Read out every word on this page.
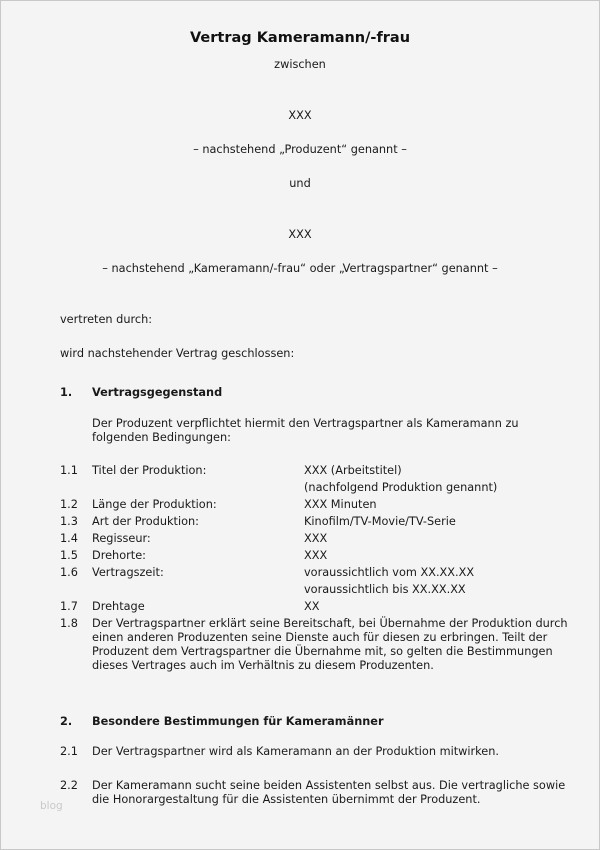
Vertrag Kameramann/-frau
zwischen
XXX
– nachstehend „Produzent“ genannt –
und
XXX
– nachstehend „Kameramann/-frau“ oder „Vertragspartner“ genannt –
vertreten durch:
wird nachstehender Vertrag geschlossen:
1. Vertragsgegenstand
Der Produzent verpflichtet hiermit den Vertragspartner als Kameramann zu
folgenden Bedingungen:
1.1 Titel der Produktion:	XXX (Arbeitstitel)
(nachfolgend Produktion genannt)
1.2 Länge der Produktion:	XXX Minuten
1.3 Art der Produktion:	Kinofilm/TV-Movie/TV-Serie
1.4 Regisseur:	XXX
1.5 Drehorte:	XXX
1.6 Vertragszeit:	voraussichtlich vom XX.XX.XX
voraussichtlich bis XX.XX.XX
1.7 Drehtage	XX
1.8 Der Vertragspartner erklärt seine Bereitschaft, bei Übernahme der Produktion durch
einen anderen Produzenten seine Dienste auch für diesen zu erbringen. Teilt der
Produzent dem Vertragspartner die Übernahme mit, so gelten die Bestimmungen
dieses Vertrages auch im Verhältnis zu diesem Produzenten.
2. Besondere Bestimmungen für Kameramänner
2.1 Der Vertragspartner wird als Kameramann an der Produktion mitwirken.
2.2 Der Kameramann sucht seine beiden Assistenten selbst aus. Die vertragliche sowie
die Honorargestaltung für die Assistenten übernimmt der Produzent.
blog
